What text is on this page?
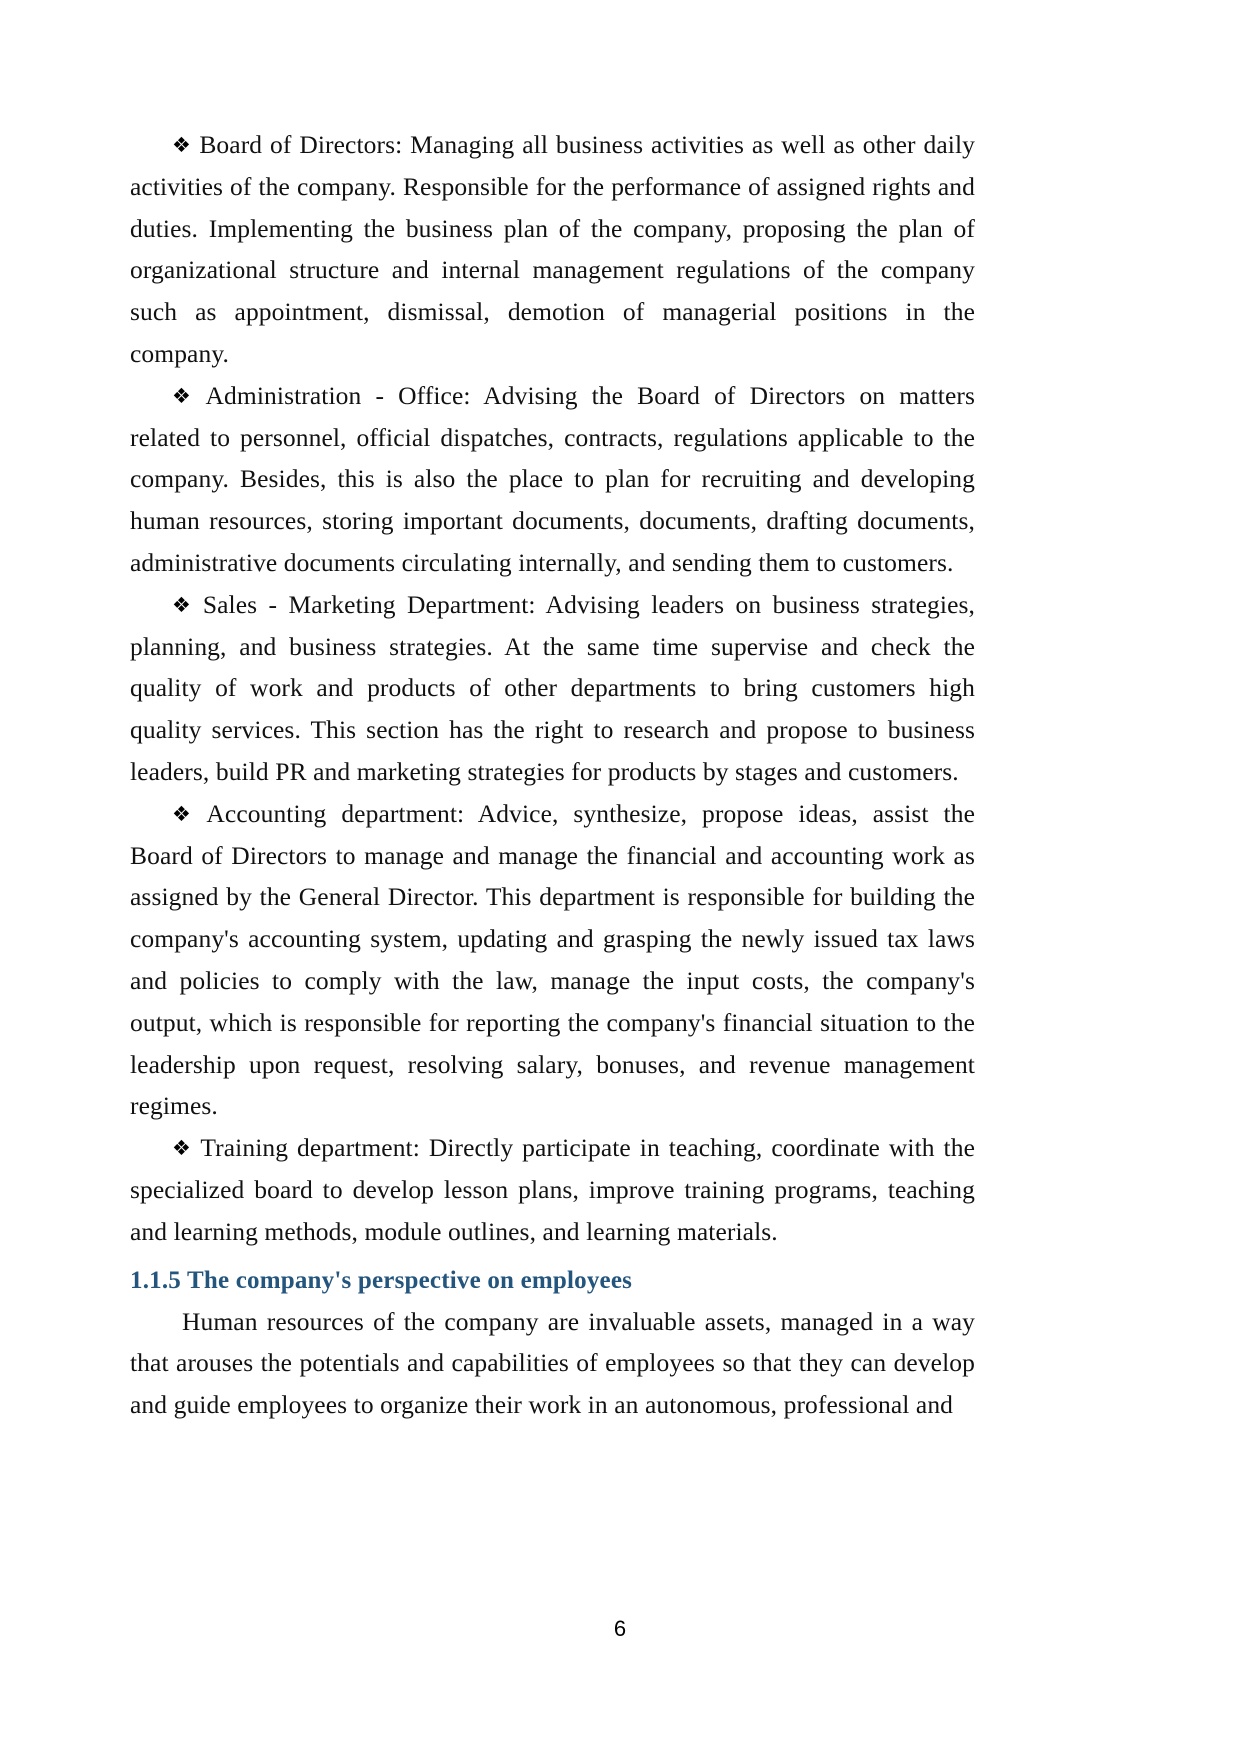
❖ Board of Directors: Managing all business activities as well as other daily activities of the company. Responsible for the performance of assigned rights and duties. Implementing the business plan of the company, proposing the plan of organizational structure and internal management regulations of the company such as appointment, dismissal, demotion of managerial positions in the company.

❖ Administration - Office: Advising the Board of Directors on matters related to personnel, official dispatches, contracts, regulations applicable to the company. Besides, this is also the place to plan for recruiting and developing human resources, storing important documents, documents, drafting documents, administrative documents circulating internally, and sending them to customers.

❖ Sales - Marketing Department: Advising leaders on business strategies, planning, and business strategies. At the same time supervise and check the quality of work and products of other departments to bring customers high quality services. This section has the right to research and propose to business leaders, build PR and marketing strategies for products by stages and customers.

❖ Accounting department: Advice, synthesize, propose ideas, assist the Board of Directors to manage and manage the financial and accounting work as assigned by the General Director. This department is responsible for building the company's accounting system, updating and grasping the newly issued tax laws and policies to comply with the law, manage the input costs, the company's output, which is responsible for reporting the company's financial situation to the leadership upon request, resolving salary, bonuses, and revenue management regimes.

❖ Training department: Directly participate in teaching, coordinate with the specialized board to develop lesson plans, improve training programs, teaching and learning methods, module outlines, and learning materials.

1.1.5 The company's perspective on employees

Human resources of the company are invaluable assets, managed in a way that arouses the potentials and capabilities of employees so that they can develop and guide employees to organize their work in an autonomous, professional and

6
